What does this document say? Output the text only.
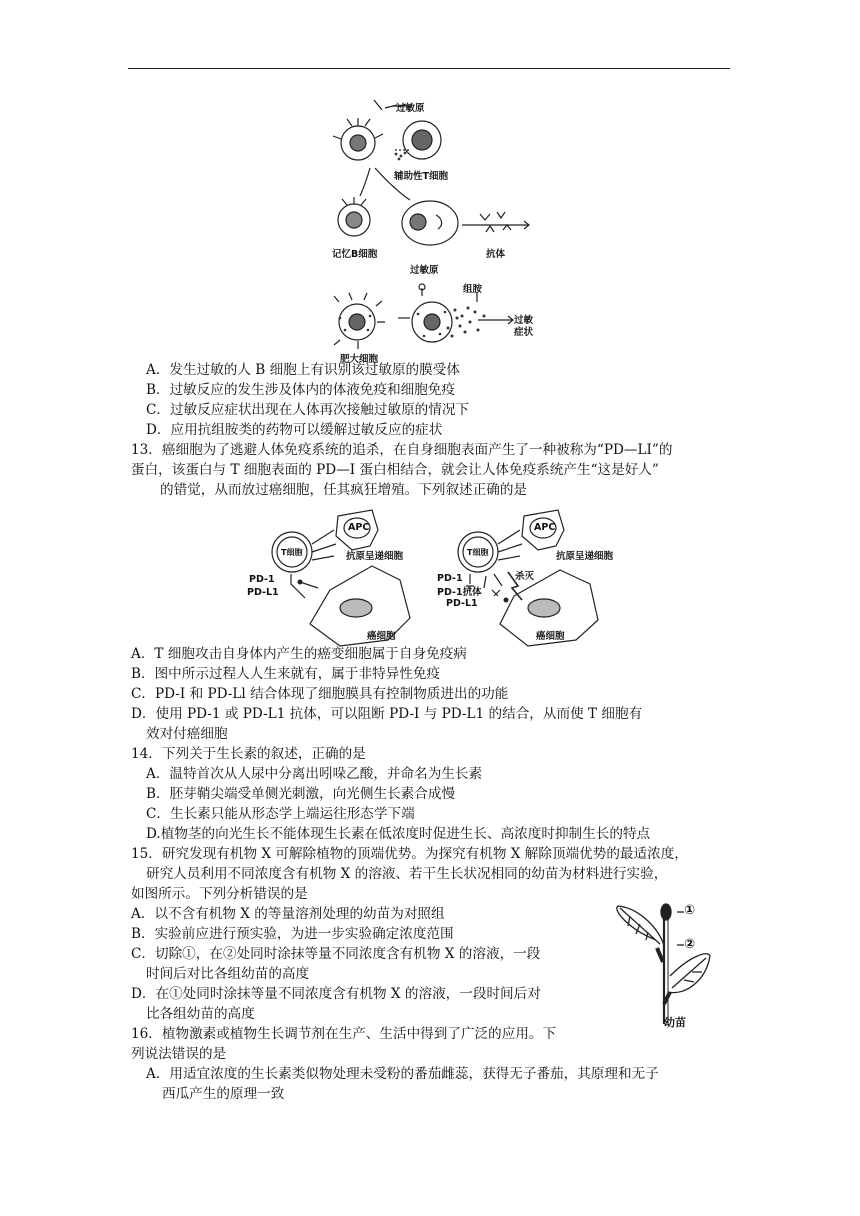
过敏原
辅助性T细胞
记忆B细胞	抗体
过敏原
组胺
过敏
症状
肥大细胞
A．发生过敏的人 B 细胞上有识别该过敏原的膜受体
B．过敏反应的发生涉及体内的体液免疫和细胞免疫
C．过敏反应症状出现在人体再次接触过敏原的情况下
D．应用抗组胺类的药物可以缓解过敏反应的症状
13．癌细胞为了逃避人体免疫系统的追杀，在自身细胞表面产生了一种被称为“PD—LI”的
蛋白，该蛋白与 T 细胞表面的 PD—I 蛋白相结合，就会让人体免疫系统产生“这是好人”
的错觉，从而放过癌细胞，任其疯狂增殖。下列叙述正确的是
APC
T细胞	抗原呈递细胞
PD-1
PD-L1
癌细胞
APC
T细胞	抗原呈递细胞
杀灭
PD-1
PD-1抗体
PD-L1
癌细胞
A．T 细胞攻击自身体内产生的癌变细胞属于自身免疫病
B．图中所示过程人人生来就有，属于非特异性免疫
C．PD-I 和 PD-Ll 结合体现了细胞膜具有控制物质进出的功能
D．使用 PD-1 或 PD-L1 抗体，可以阻断 PD-I 与 PD-L1 的结合，从而使 T 细胞有
效对付癌细胞
14．下列关于生长素的叙述，正确的是
A．温特首次从人尿中分离出吲哚乙酸，并命名为生长素
B．胚芽鞘尖端受单侧光刺激，向光侧生长素合成慢
C．生长素只能从形态学上端运往形态学下端
D.植物茎的向光生长不能体现生长素在低浓度时促进生长、高浓度时抑制生长的特点
15．研究发现有机物 X 可解除植物的顶端优势。为探究有机物 X 解除顶端优势的最适浓度，
研究人员利用不同浓度含有机物 X 的溶液、若干生长状况相同的幼苗为材料进行实验，
如图所示。下列分析错误的是
A．以不含有机物 X 的等量溶剂处理的幼苗为对照组
B．实验前应进行预实验，为进一步实验确定浓度范围
C．切除①，在②处同时涂抹等量不同浓度含有机物 X 的溶液，一段
时间后对比各组幼苗的高度
D．在①处同时涂抹等量不同浓度含有机物 X 的溶液，一段时间后对
比各组幼苗的高度
①
②
幼苗
16．植物激素或植物生长调节剂在生产、生活中得到了广泛的应用。下
列说法错误的是
A．用适宜浓度的生长素类似物处理未受粉的番茄雌蕊，获得无子番茄，其原理和无子
西瓜产生的原理一致
